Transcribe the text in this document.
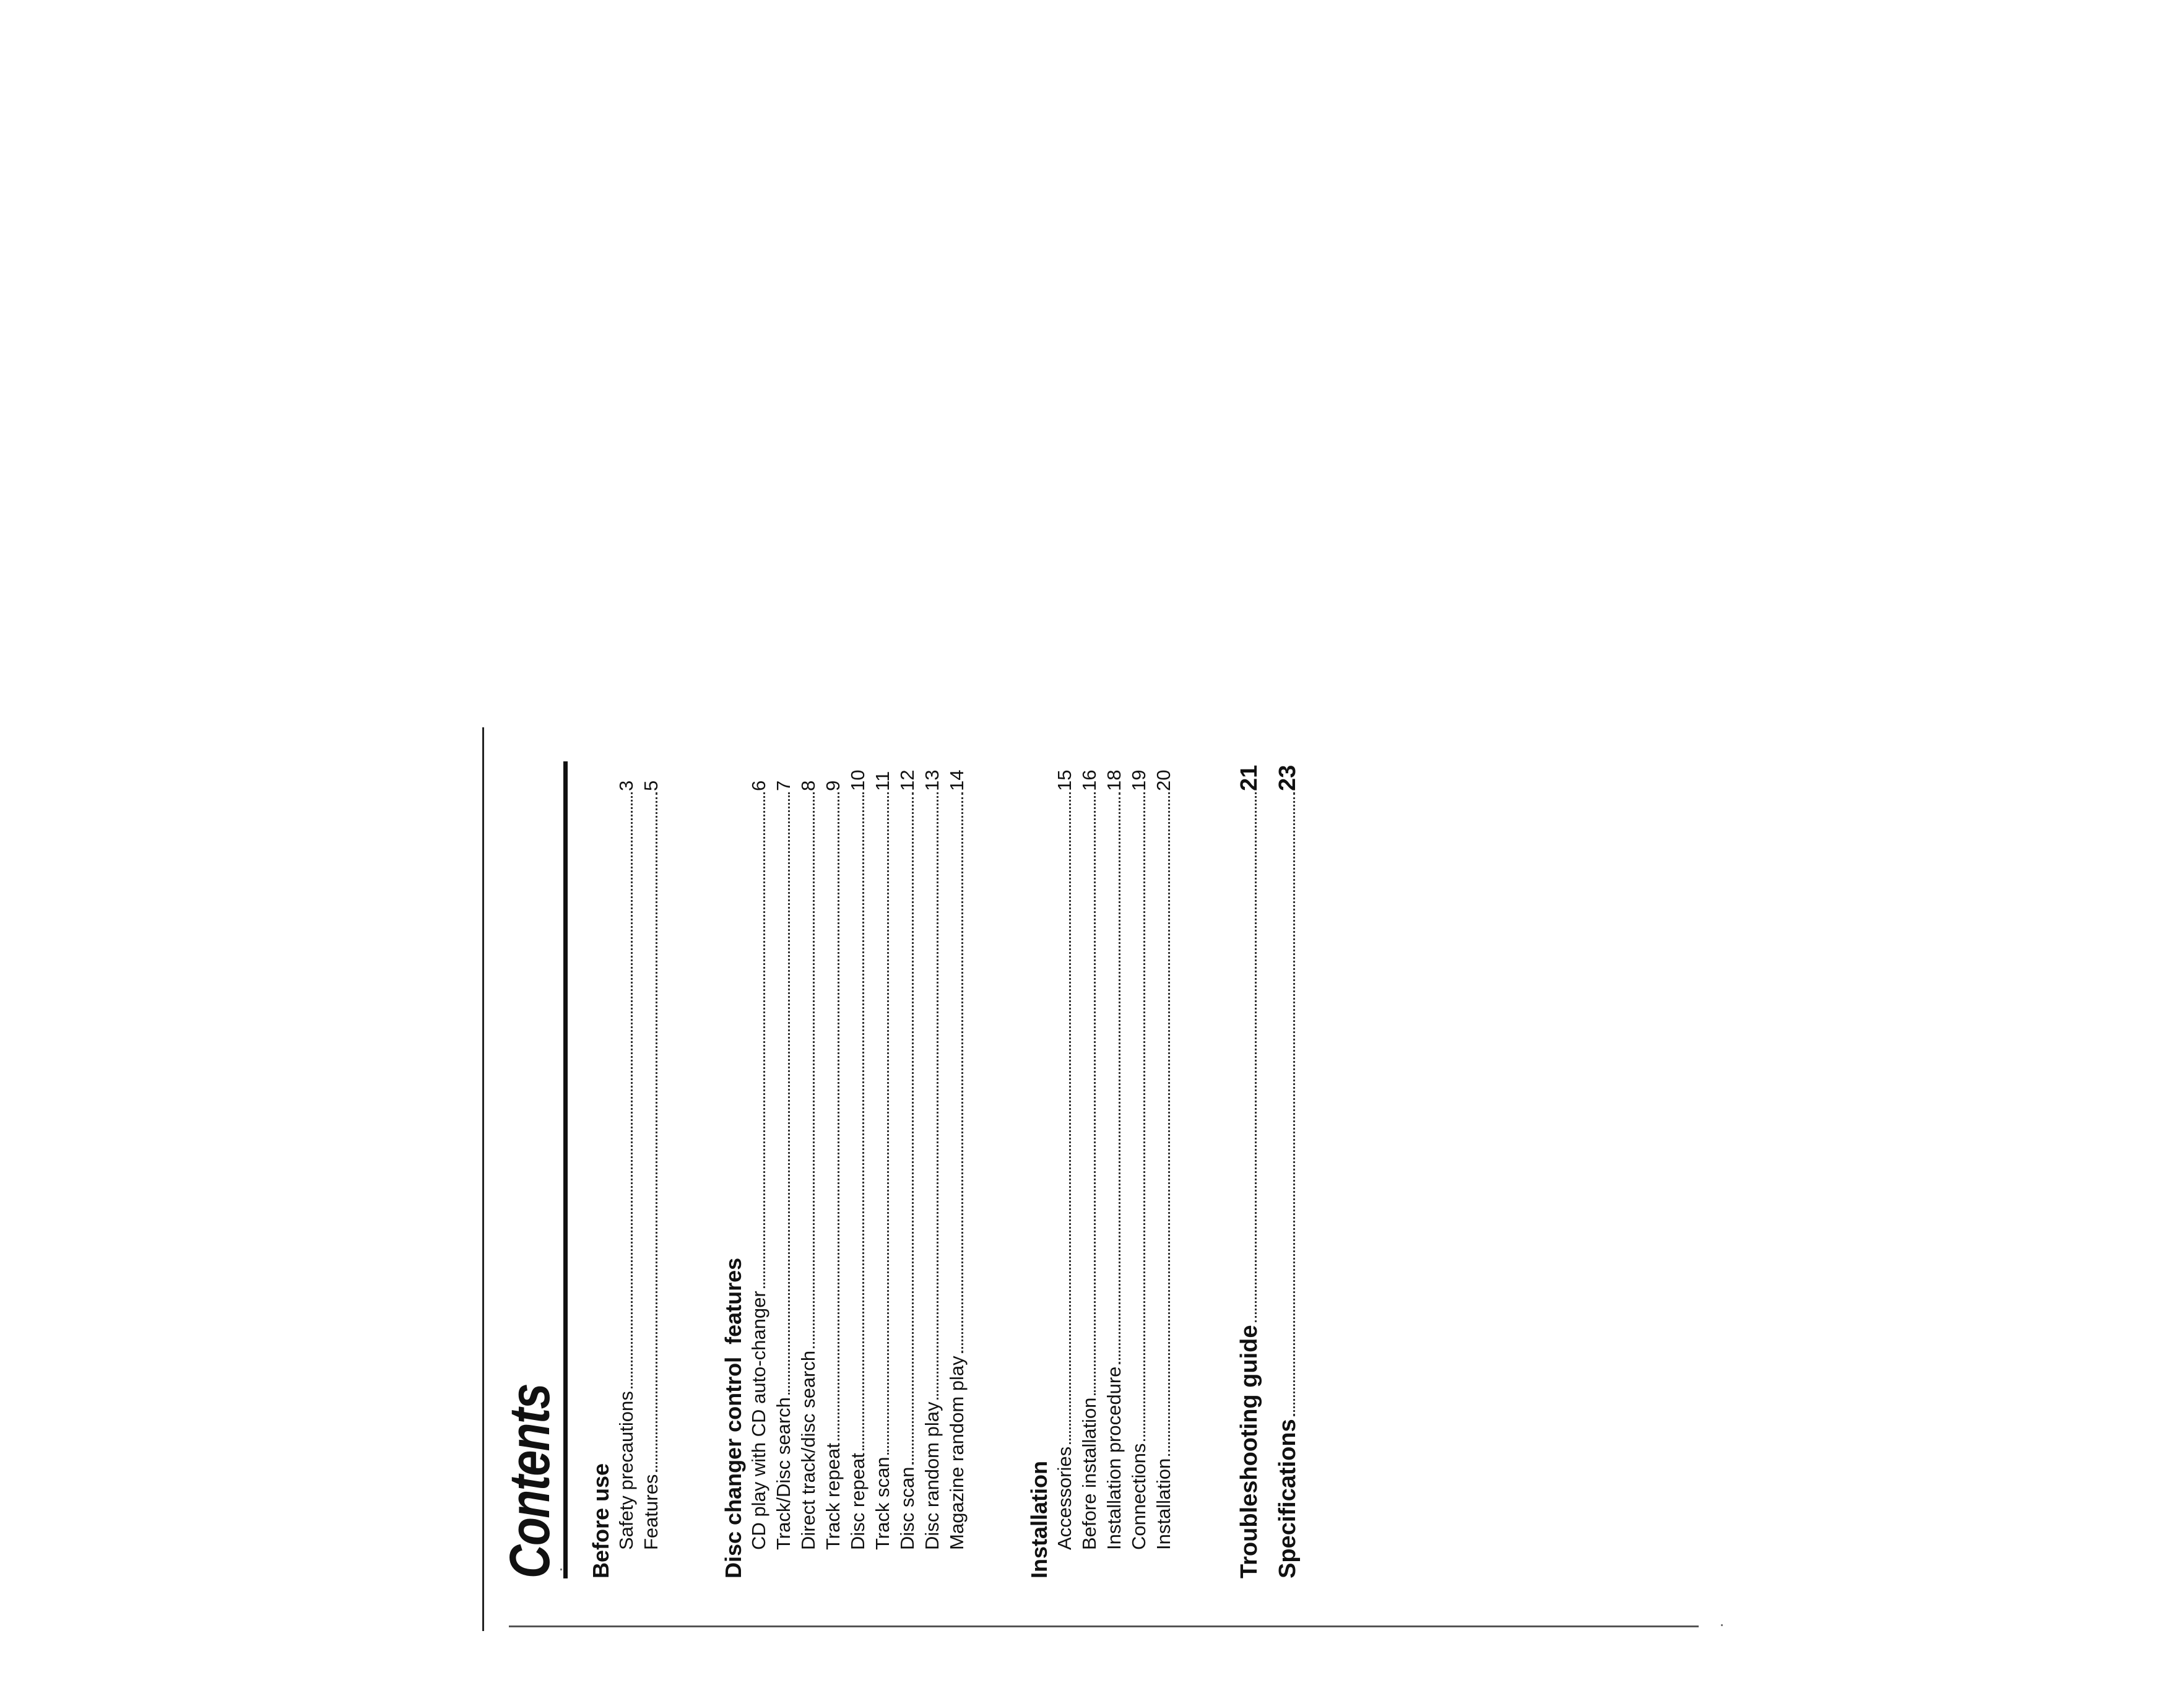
Contents Before use Safety precautions
3
Features
5
Disc changer control  features CD play with CD auto-changer
6
Track/Disc search
7
Direct track/disc search
8
Track repeat
9
Disc repeat
10
Track scan
11
Disc scan
12
Disc random play
13
Magazine random play
14
Installation Accessories
15
Before installation
16
Installation procedure
18
Connections
19
Installation
20
Troubleshooting guide
21
Specifications
23
